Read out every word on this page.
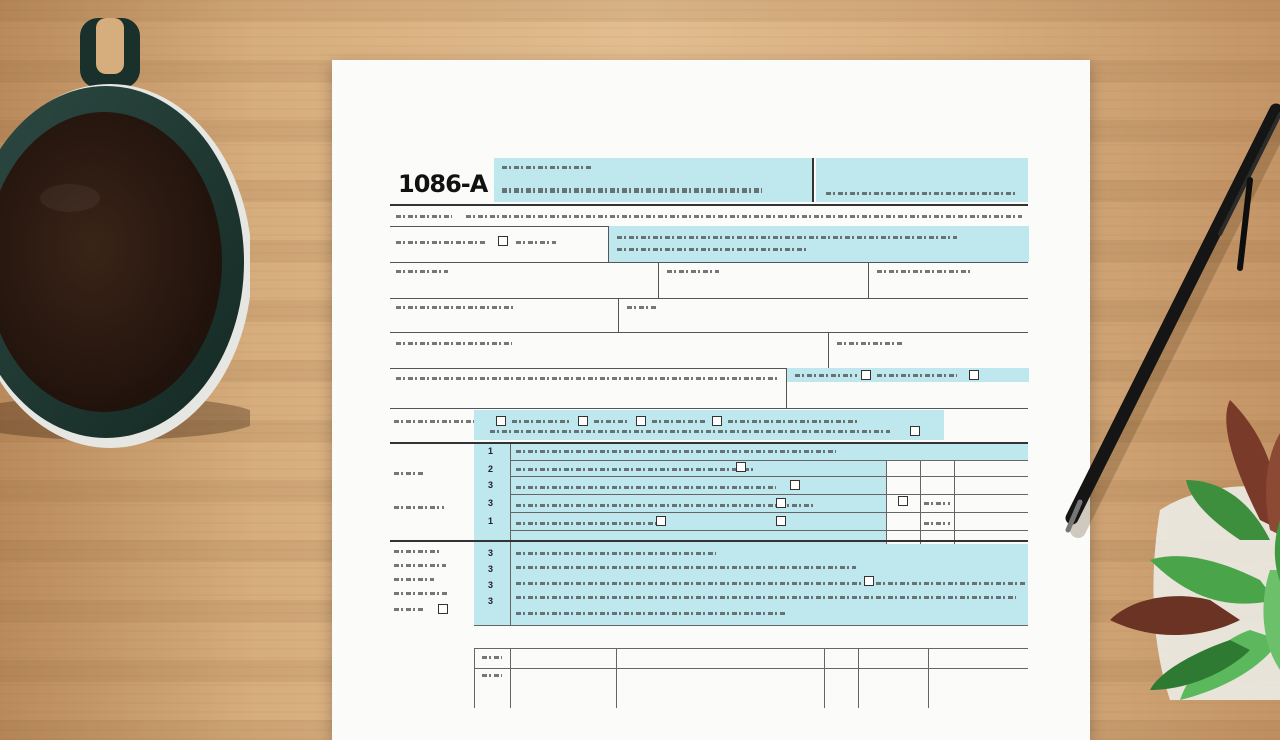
1086-A
1
2
3
3
1
3
3
3
3
